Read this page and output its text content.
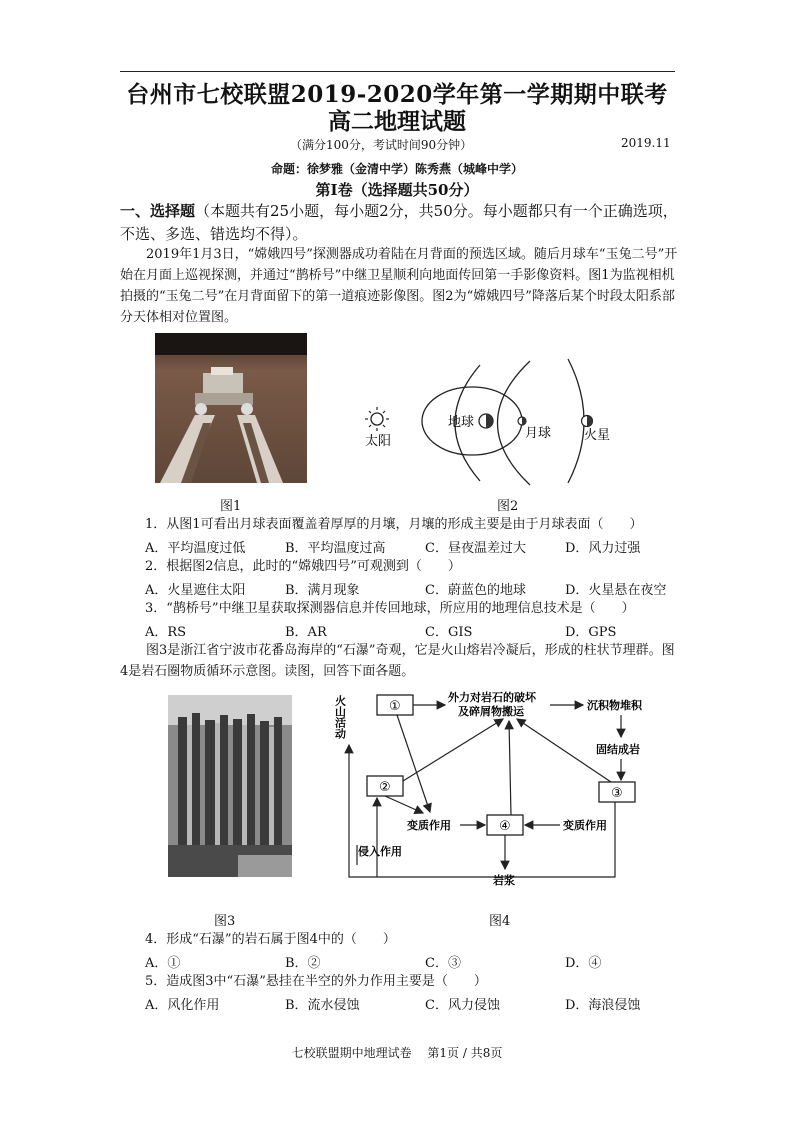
台州市七校联盟2019-2020学年第一学期期中联考
高二地理试题
（满分100分，考试时间90分钟）	2019.11
命题：徐梦雅（金清中学）陈秀燕（城峰中学）
第Ⅰ卷（选择题共50分）
一、选择题（本题共有25小题，每小题2分，共50分。每小题都只有一个正确选项，不选、多选、错选均不得）。
2019年1月3日，“嫦娥四号”探测器成功着陆在月背面的预选区域。随后月球车“玉兔二号”开始在月面上巡视探测，并通过“鹊桥号”中继卫星顺利向地面传回第一手影像资料。图1为监视相机拍摄的“玉兔二号”在月背面留下的第一道痕迹影像图。图2为“嫦娥四号”降落后某个时段太阳系部分天体相对位置图。
太阳
地球
月球	火星
图1	图2
1．从图1可看出月球表面覆盖着厚厚的月壤，月壤的形成主要是由于月球表面（　　）
A．平均温度过低	B．平均温度过高	C．昼夜温差过大	D．风力过强
2．根据图2信息，此时的“嫦娥四号”可观测到（　　）
A．火星遮住太阳	B．满月现象	C．蔚蓝色的地球	D．火星悬在夜空
3．“鹊桥号”中继卫星获取探测器信息并传回地球，所应用的地理信息技术是（　　）
A．RS	B．AR	C．GIS	D．GPS
图3是浙江省宁波市花番岛海岸的“石瀑”奇观，它是火山熔岩冷凝后，形成的柱状节理群。图4是岩石圈物质循环示意图。读图，回答下面各题。
①
②	③
④
火山活动	外力对岩石的破坏
及碎屑物搬运	沉积物堆积
固结成岩
变质作用	变质作用
侵入作用
岩浆
图3	图4
4．形成“石瀑”的岩石属于图4中的（　　）
A．①	B．②	C．③	D．④
5．造成图3中“石瀑”悬挂在半空的外力作用主要是（　　）
A．风化作用	B．流水侵蚀	C．风力侵蚀	D．海浪侵蚀
七校联盟期中地理试卷　 第1页 / 共8页
